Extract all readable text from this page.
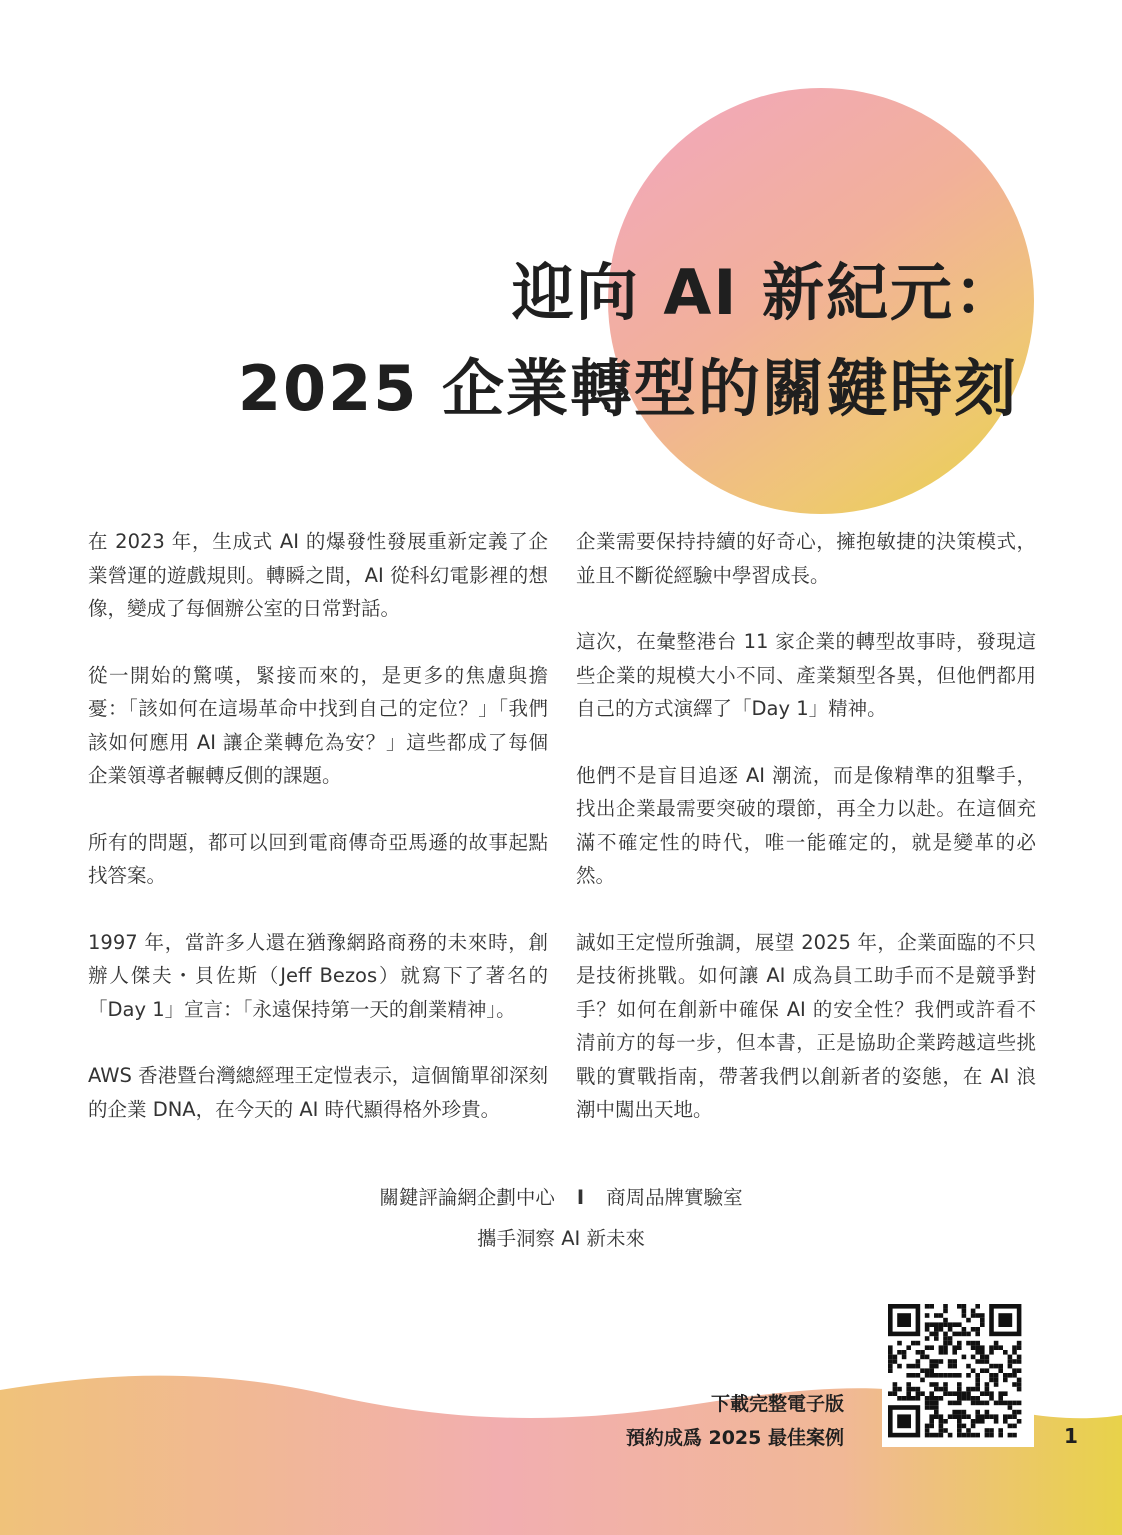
迎向 AI 新紀元：
2025 企業轉型的關鍵時刻

在 2023 年，生成式 AI 的爆發性發展重新定義了企業營運的遊戲規則。轉瞬之間，AI 從科幻電影裡的想像，變成了每個辦公室的日常對話。

從一開始的驚嘆，緊接而來的，是更多的焦慮與擔憂：「該如何在這場革命中找到自己的定位？」「我們該如何應用 AI 讓企業轉危為安？」這些都成了每個企業領導者輾轉反側的課題。

所有的問題，都可以回到電商傳奇亞馬遜的故事起點找答案。

1997 年，當許多人還在猶豫網路商務的未來時，創辦人傑夫・貝佐斯（Jeff Bezos）就寫下了著名的「Day 1」宣言：「永遠保持第一天的創業精神」。

AWS 香港暨台灣總經理王定愷表示，這個簡單卻深刻的企業 DNA，在今天的 AI 時代顯得格外珍貴。

企業需要保持持續的好奇心，擁抱敏捷的決策模式，並且不斷從經驗中學習成長。

這次，在彙整港台 11 家企業的轉型故事時，發現這些企業的規模大小不同、產業類型各異，但他們都用自己的方式演繹了「Day 1」精神。

他們不是盲目追逐 AI 潮流，而是像精準的狙擊手，找出企業最需要突破的環節，再全力以赴。在這個充滿不確定性的時代，唯一能確定的，就是變革的必然。

誠如王定愷所強調，展望 2025 年，企業面臨的不只是技術挑戰。如何讓 AI 成為員工助手而不是競爭對手？如何在創新中確保 AI 的安全性？我們或許看不清前方的每一步，但本書，正是協助企業跨越這些挑戰的實戰指南，帶著我們以創新者的姿態，在 AI 浪潮中闖出天地。

關鍵評論網企劃中心 I 商周品牌實驗室
攜手洞察 AI 新未來
下載完整電子版
預約成爲 2025 最佳案例	1
